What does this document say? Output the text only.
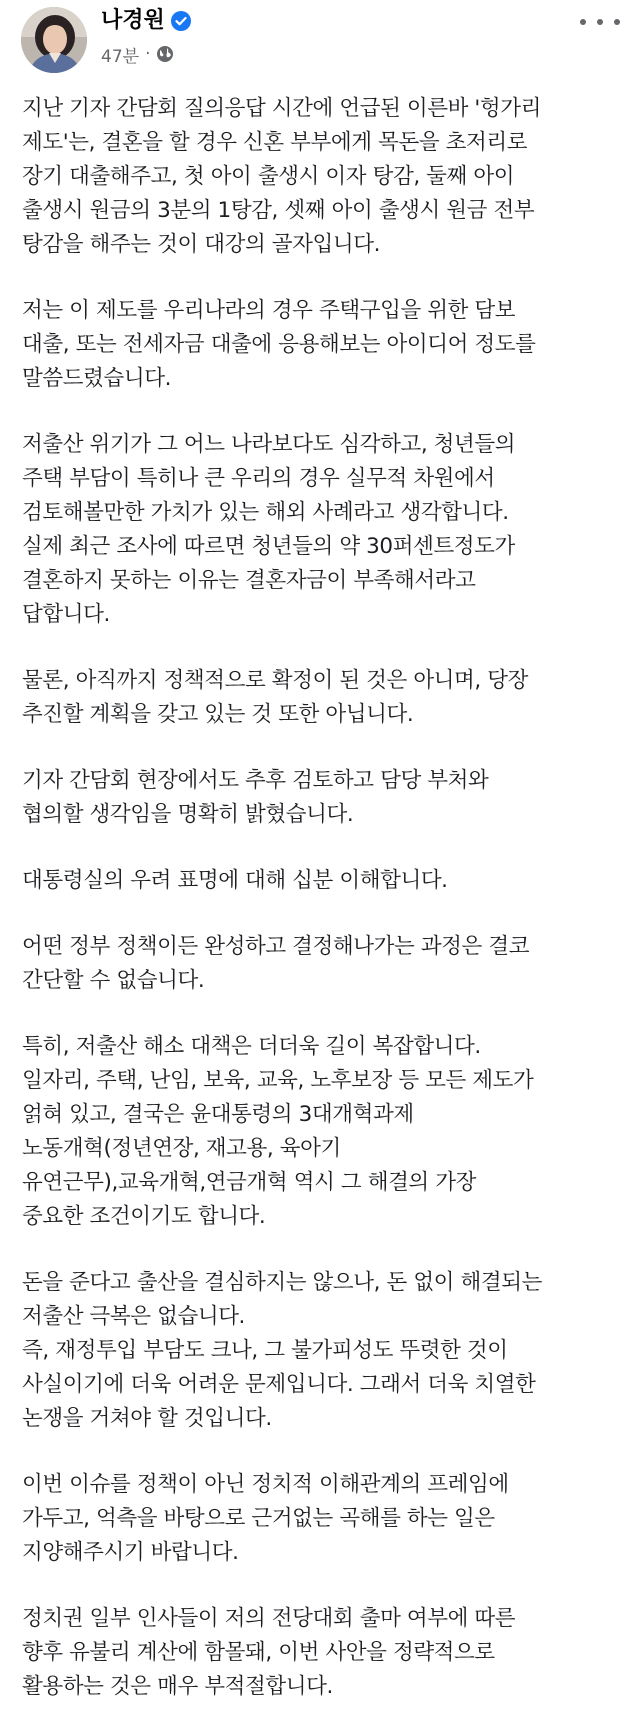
나경원
47분 ·
지난 기자 간담회 질의응답 시간에 언급된 이른바 '헝가리
제도'는, 결혼을 할 경우 신혼 부부에게 목돈을 초저리로
장기 대출해주고, 첫 아이 출생시 이자 탕감, 둘째 아이
출생시 원금의 3분의 1탕감, 셋째 아이 출생시 원금 전부
탕감을 해주는 것이 대강의 골자입니다.
저는 이 제도를 우리나라의 경우 주택구입을 위한 담보
대출, 또는 전세자금 대출에 응용해보는 아이디어 정도를
말씀드렸습니다.
저출산 위기가 그 어느 나라보다도 심각하고, 청년들의
주택 부담이 특히나 큰 우리의 경우 실무적 차원에서
검토해볼만한 가치가 있는 해외 사례라고 생각합니다.
실제 최근 조사에 따르면 청년들의 약 30퍼센트정도가
결혼하지 못하는 이유는 결혼자금이 부족해서라고
답합니다.
물론, 아직까지 정책적으로 확정이 된 것은 아니며, 당장
추진할 계획을 갖고 있는 것 또한 아닙니다.
기자 간담회 현장에서도 추후 검토하고 담당 부처와
협의할 생각임을 명확히 밝혔습니다.
대통령실의 우려 표명에 대해 십분 이해합니다.
어떤 정부 정책이든 완성하고 결정해나가는 과정은 결코
간단할 수 없습니다.
특히, 저출산 해소 대책은 더더욱 길이 복잡합니다.
일자리, 주택, 난임, 보육, 교육, 노후보장 등 모든 제도가
얽혀 있고, 결국은 윤대통령의 3대개혁과제
노동개혁(정년연장, 재고용, 육아기
유연근무),교육개혁,연금개혁 역시 그 해결의 가장
중요한 조건이기도 합니다.
돈을 준다고 출산을 결심하지는 않으나, 돈 없이 해결되는
저출산 극복은 없습니다.
즉, 재정투입 부담도 크나, 그 불가피성도 뚜렷한 것이
사실이기에 더욱 어려운 문제입니다. 그래서 더욱 치열한
논쟁을 거쳐야 할 것입니다.
이번 이슈를 정책이 아닌 정치적 이해관계의 프레임에
가두고, 억측을 바탕으로 근거없는 곡해를 하는 일은
지양해주시기 바랍니다.
정치권 일부 인사들이 저의 전당대회 출마 여부에 따른
향후 유불리 계산에 함몰돼, 이번 사안을 정략적으로
활용하는 것은 매우 부적절합니다.
